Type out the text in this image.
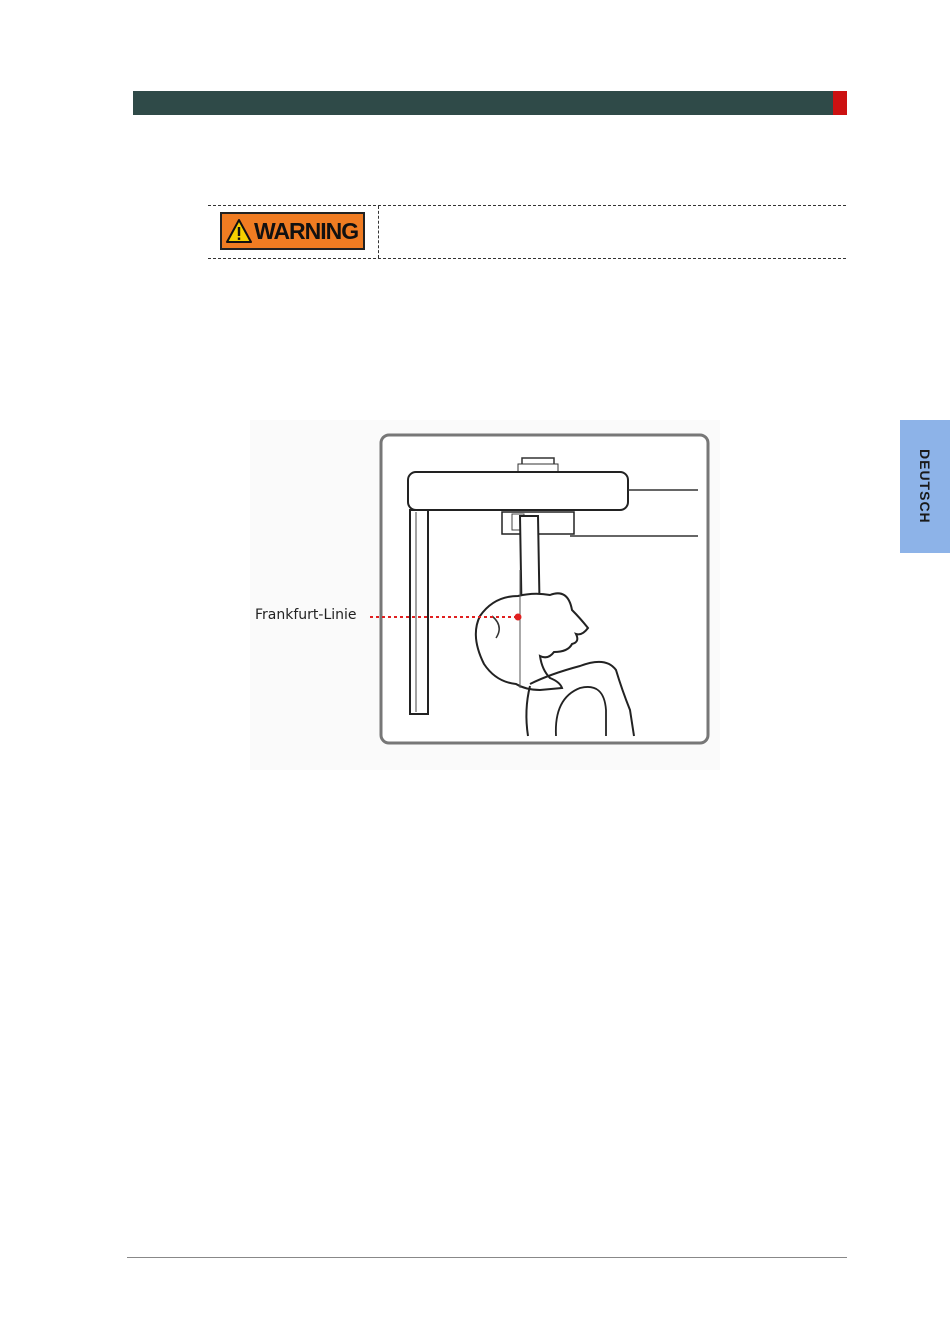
WARNING
DEUTSCH
Frankfurt-Linie
